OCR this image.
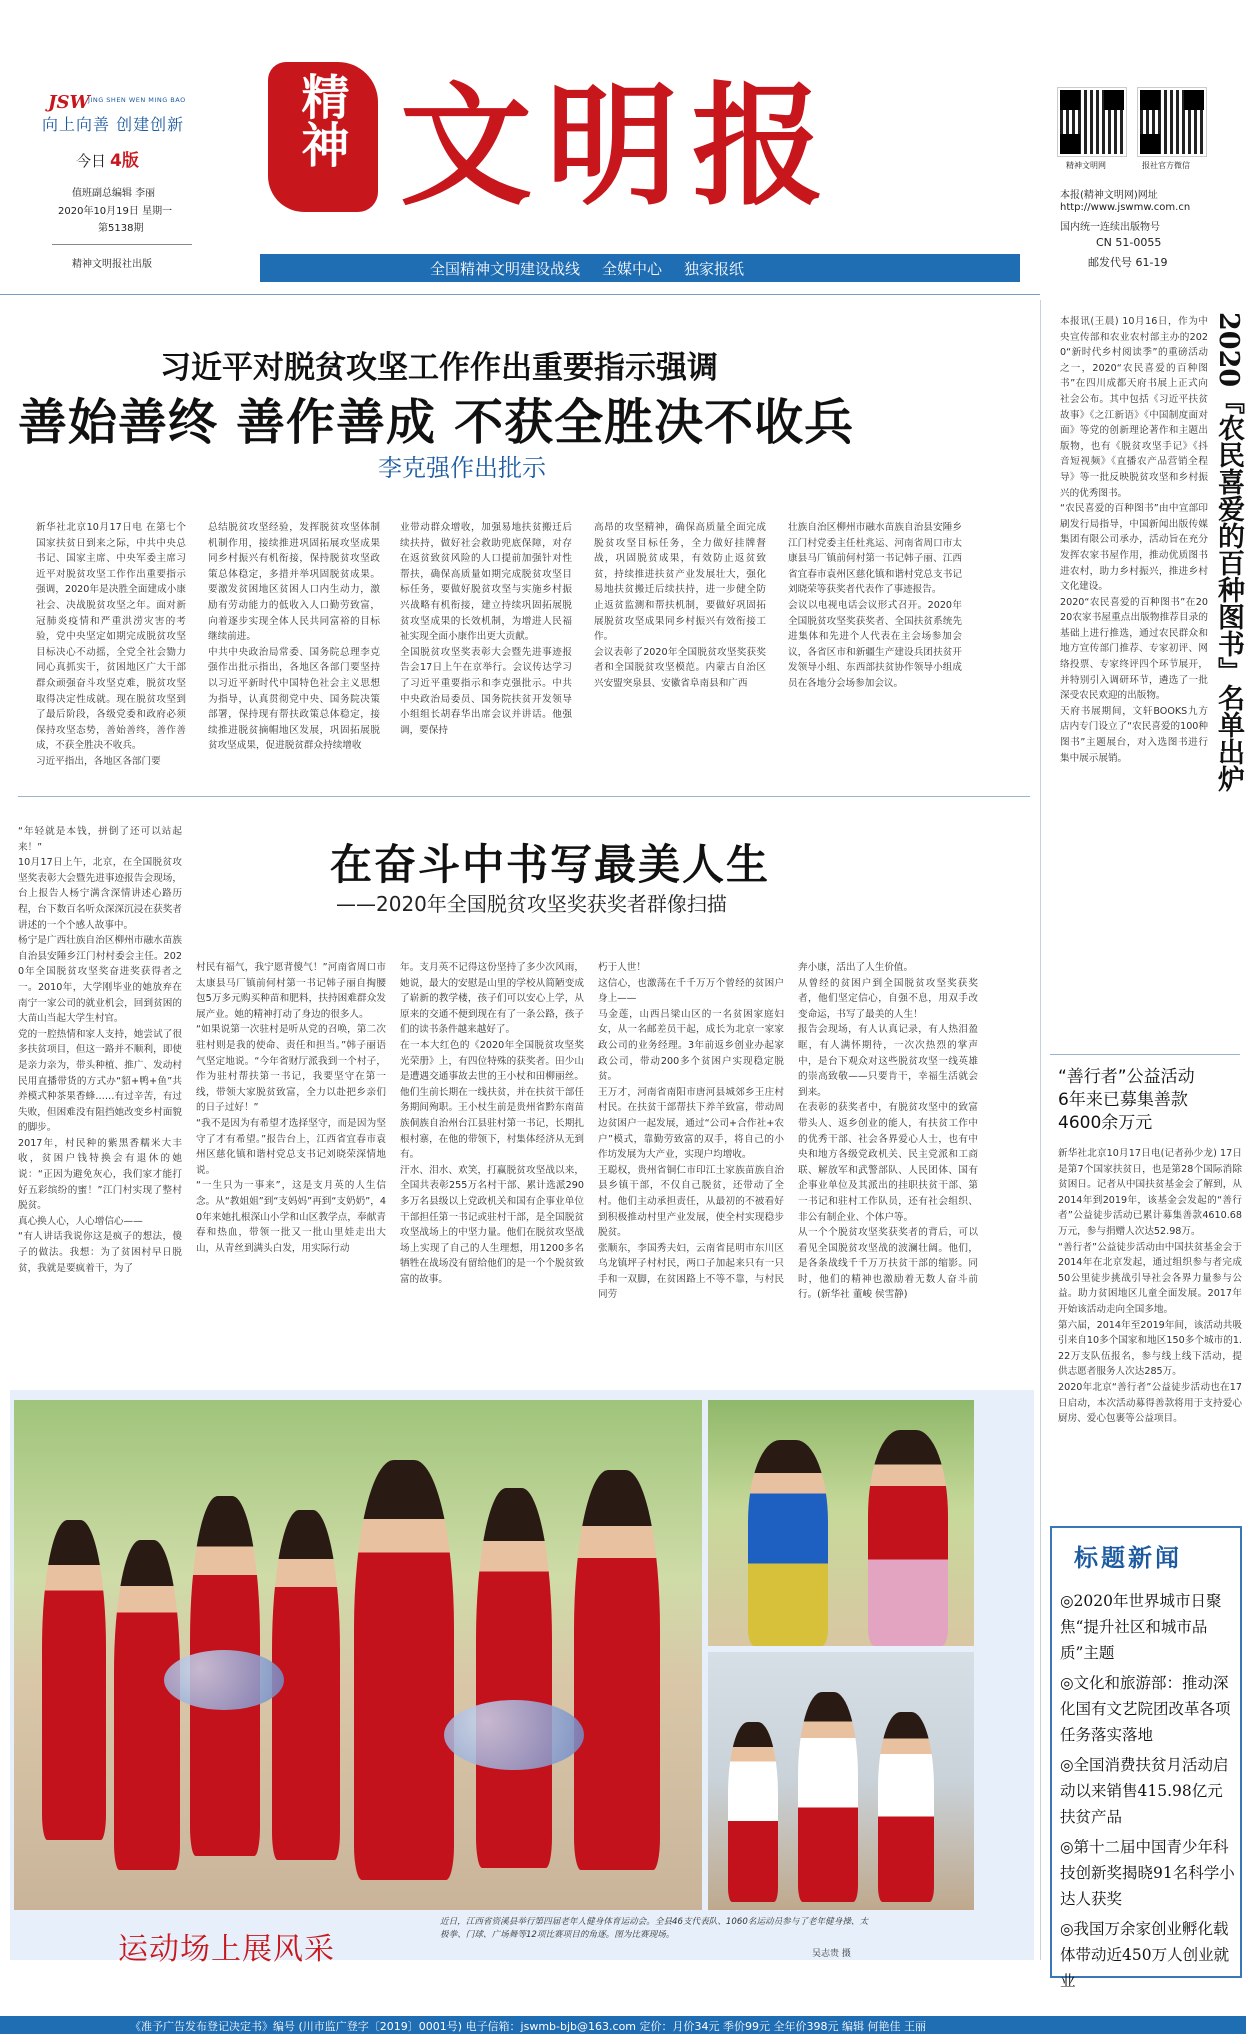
JSW
JING SHEN WEN MING BAO
向上向善 创建创新
今日 4版
值班副总编辑 李丽
2020年10月19日 星期一
第5138期
精神文明报社出版
精神 文明报
全国精神文明建设战线 全媒中心 独家报纸
精神文明网	报社官方微信
本报(精神文明网)网址
http://www.jswmw.com.cn
国内统一连续出版物号
CN 51-0055
邮发代号 61-19
习近平对脱贫攻坚工作作出重要指示强调
善始善终 善作善成 不获全胜决不收兵
李克强作出批示
新华社北京10月17日电 在第七个国家扶贫日到来之际，中共中央总书记、国家主席、中央军委主席习近平对脱贫攻坚工作作出重要指示强调，2020年是决胜全面建成小康社会、决战脱贫攻坚之年。面对新冠肺炎疫情和严重洪涝灾害的考验，党中央坚定如期完成脱贫攻坚目标决心不动摇，全党全社会勠力同心真抓实干，贫困地区广大干部群众顽强奋斗攻坚克难，脱贫攻坚取得决定性成就。现在脱贫攻坚到了最后阶段，各级党委和政府必须保持攻坚态势，善始善终，善作善成，不获全胜决不收兵。
习近平指出，各地区各部门要
总结脱贫攻坚经验，发挥脱贫攻坚体制机制作用，接续推进巩固拓展攻坚成果同乡村振兴有机衔接，保持脱贫攻坚政策总体稳定，多措并举巩固脱贫成果。要激发贫困地区贫困人口内生动力，激励有劳动能力的低收入人口勤劳致富，向着逐步实现全体人民共同富裕的目标继续前进。
中共中央政治局常委、国务院总理李克强作出批示指出，各地区各部门要坚持以习近平新时代中国特色社会主义思想为指导，认真贯彻党中央、国务院决策部署，保持现有帮扶政策总体稳定，接续推进脱贫摘帽地区发展，巩固拓展脱贫攻坚成果，促进脱贫群众持续增收
业带动群众增收，加强易地扶贫搬迁后续扶持，做好社会救助兜底保障，对存在返贫致贫风险的人口提前加强针对性帮扶，确保高质量如期完成脱贫攻坚目标任务，要做好脱贫攻坚与实施乡村振兴战略有机衔接，建立持续巩固拓展脱贫攻坚成果的长效机制，为增进人民福祉实现全面小康作出更大贡献。
全国脱贫攻坚奖表彰大会暨先进事迹报告会17日上午在京举行。会议传达学习了习近平重要指示和李克强批示。中共中央政治局委员、国务院扶贫开发领导小组组长胡春华出席会议并讲话。他强调，要保持
高昂的攻坚精神，确保高质量全面完成脱贫攻坚目标任务，全力做好挂牌督战，巩固脱贫成果，有效防止返贫致贫，持续推进扶贫产业发展壮大，强化易地扶贫搬迁后续扶持，进一步健全防止返贫监测和帮扶机制，要做好巩固拓展脱贫攻坚成果同乡村振兴有效衔接工作。
会议表彰了2020年全国脱贫攻坚奖获奖者和全国脱贫攻坚模范。内蒙古自治区兴安盟突泉县、安徽省阜南县和广西
壮族自治区柳州市融水苗族自治县安陲乡江门村党委主任杜兆运、河南省周口市太康县马厂镇前何村第一书记韩子丽、江西省宜春市袁州区慈化镇和谐村党总支书记刘晓荣等获奖者代表作了事迹报告。
会议以电视电话会议形式召开。2020年全国脱贫攻坚奖获奖者、全国扶贫系统先进集体和先进个人代表在主会场参加会议，各省区市和新疆生产建设兵团扶贫开发领导小组、东西部扶贫协作领导小组成员在各地分会场参加会议。
本报讯(王晨) 10月16日，作为中央宣传部和农业农村部主办的2020“新时代乡村阅读季”的重磅活动之一，2020“农民喜爱的百种图书”在四川成都天府书展上正式向社会公布。其中包括《习近平扶贫故事》《之江新语》《中国制度面对面》等党的创新理论著作和主题出版物，也有《脱贫攻坚手记》《抖音短视频》《直播农产品营销全程导》等一批反映脱贫攻坚和乡村振兴的优秀图书。
“农民喜爱的百种图书”由中宣部印刷发行局指导，中国新闻出版传媒集团有限公司承办，活动旨在充分发挥农家书屋作用，推动优质图书进农村，助力乡村振兴，推进乡村文化建设。
2020“农民喜爱的百种图书”在2020农家书屋重点出版物推荐目录的基础上进行推选，通过农民群众和地方宣传部门推荐、专家初评、网络投票、专家终评四个环节展开，并特别引入调研环节，遴选了一批深受农民欢迎的出版物。
天府书展期间，文轩BOOKS九方店内专门设立了“农民喜爱的100种图书”主题展台，对入选图书进行集中展示展销。	2020『农民喜爱的百种图书』名单出炉
“善行者”公益活动
6年来已募集善款
4600余万元
新华社北京10月17日电(记者孙少龙) 17日是第7个国家扶贫日，也是第28个国际消除贫困日。记者从中国扶贫基金会了解到，从2014年到2019年，该基金会发起的“善行者”公益徒步活动已累计募集善款4610.68万元，参与捐赠人次达52.98万。
“善行者”公益徒步活动由中国扶贫基金会于2014年在北京发起，通过组织参与者完成50公里徒步挑战引导社会各界力量参与公益。助力贫困地区儿童全面发展。2017年开始该活动走向全国多地。
第六届，2014年至2019年间，该活动共吸引来自10多个国家和地区150多个城市的1.22万支队伍报名，参与线上线下活动，提供志愿者服务人次达285万。
2020年北京“善行者”公益徒步活动也在17日启动，本次活动募得善款将用于支持爱心厨房、爱心包裹等公益项目。
标题新闻
◎2020年世界城市日聚焦“提升社区和城市品质”主题
◎文化和旅游部：推动深化国有文艺院团改革各项任务落实落地
◎全国消费扶贫月活动启动以来销售415.98亿元扶贫产品
◎第十二届中国青少年科技创新奖揭晓91名科学小达人获奖
◎我国万余家创业孵化载体带动近450万人创业就业
“年轻就是本钱，拼倒了还可以站起来！”
10月17日上午，北京，在全国脱贫攻坚奖表彰大会暨先进事迹报告会现场，台上报告人杨宁满含深情讲述心路历程，台下数百名听众深深沉浸在获奖者讲述的一个个感人故事中。
杨宁是广西壮族自治区柳州市融水苗族自治县安陲乡江门村村委会主任。2020年全国脱贫攻坚奖奋进奖获得者之一。2010年，大学刚毕业的她放弃在南宁一家公司的就业机会，回到贫困的大苗山当起大学生村官。
党的一腔热情和家人支持，她尝试了很多扶贫项目，但这一路并不顺利，即使是亲力亲为，带头种植、推广、发动村民用直播带货的方式办“貂+鸭+鱼”共养模式种茶果香蜂……有过辛苦，有过失败，但困难没有阻挡她改变乡村面貌的脚步。
2017年，村民种的紫黑香糯米大丰收，贫困户钱特换会有退休的她说：“正因为避免灰心，我们家才能打好五彩缤纷的蜜！”江门村实现了整村脱贫。
真心换人心，人心增信心——
“有人讲话我说你这是疯子的想法，傻子的做法。我想：为了贫困村早日脱贫，我就是要疯着干，为了
在奋斗中书写最美人生
——2020年全国脱贫攻坚奖获奖者群像扫描
村民有福气，我宁愿背傻气！”河南省周口市太康县马厂镇前何村第一书记韩子丽自掏腰包5万多元购买种苗和肥料，扶持困难群众发展产业。她的精神打动了身边的很多人。
“如果说第一次驻村是听从党的召唤，第二次驻村则是我的使命、责任和担当。”韩子丽语气坚定地说。“今年省财厅派我到一个村子，作为驻村帮扶第一书记，我要坚守在第一线，带领大家脱贫致富，全力以赴把乡亲们的日子过好！”
“我不是因为有希望才选择坚守，而是因为坚守了才有希望。”报告台上，江西省宜春市袁州区慈化镇和谐村党总支书记刘晓荣深情地说。
“一生只为一事来”，这是支月英的人生信念。从“教姐姐”到“支妈妈”再到“支奶奶”，40年来她扎根深山小学和山区教学点，奉献青春和热血，带领一批又一批山里娃走出大山，从青丝到满头白发，用实际行动
年。支月英不记得这份坚持了多少次风雨，她说，最大的安慰是山里的学校从简陋变成了崭新的教学楼，孩子们可以安心上学，从原来的交通不便到现在有了一条公路，孩子们的读书条件越来越好了。
在一本大红色的《2020年全国脱贫攻坚奖光荣册》上，有四位特殊的获奖者。田少山是遭遇交通事故去世的王小杖和田柳丽丝。他们生前长期在一线扶贫，并在扶贫干部任务期间殉职。王小杖生前是贵州省黔东南苗族侗族自治州台江县驻村第一书记，长期扎根村寨，在他的带领下，村集体经济从无到有。
汗水、泪水、欢笑，打赢脱贫攻坚战以来，全国共表彰255万名村干部、累计选派290多万名县级以上党政机关和国有企事业单位干部担任第一书记或驻村干部，是全国脱贫攻坚战场上的中坚力量。他们在脱贫攻坚战场上实现了自己的人生理想，用1200多名牺牲在战场没有留给他们的是一个个脱贫致富的故事。
朽于人世！
这信心，也激荡在千千万万个曾经的贫困户身上——
马金莲，山西吕梁山区的一名贫困家庭妇女，从一名邮差员干起，成长为北京一家家政公司的业务经理。3年前返乡创业办起家政公司，带动200多个贫困户实现稳定脱贫。
王万才，河南省南阳市唐河县城郊乡王庄村村民。在扶贫干部帮扶下养羊致富，带动周边贫困户一起发展，通过“公司+合作社+农户”模式，靠勤劳致富的双手，将自己的小作坊发展为大产业，实现户均增收。
王聪权，贵州省铜仁市印江土家族苗族自治县乡镇干部，不仅自己脱贫，还带动了全村。他们主动承担责任，从最初的不被看好到积极推动村里产业发展，使全村实现稳步脱贫。
张顺东，李国秀夫妇，云南省昆明市东川区乌龙镇坪子村村民，两口子加起来只有一只手和一双脚，在贫困路上不等不靠，与村民同劳
奔小康，活出了人生价值。
从曾经的贫困户到全国脱贫攻坚奖获奖者，他们坚定信心，自强不息，用双手改变命运，书写了最美的人生！
报告会现场，有人认真记录，有人热泪盈眶，有人满怀期待，一次次热烈的掌声中，是台下观众对这些脱贫攻坚一线英雄的崇高致敬——只要肯干，幸福生活就会到来。
在表彰的获奖者中，有脱贫攻坚中的致富带头人、返乡创业的能人，有扶贫工作中的优秀干部、社会各界爱心人士，也有中央和地方各级党政机关、民主党派和工商联、解放军和武警部队、人民团体、国有企事业单位及其派出的挂职扶贫干部、第一书记和驻村工作队员，还有社会组织、非公有制企业、个体户等。
从一个个脱贫攻坚奖获奖者的背后，可以看见全国脱贫攻坚战的波澜壮阔。他们，是各条战线千千万万扶贫干部的缩影。同时，他们的精神也激励着无数人奋斗前行。(新华社 董峻 侯雪静)
运动场上展风采
近日，江西省资溪县举行第四届老年人健身体育运动会。全县46支代表队、1060名运动员参与了老年健身操、太极拳、门球、广场舞等12项比赛项目的角逐。图为比赛现场。
吴志贵 摄
《准予广告发布登记决定书》编号 (川市监广登字〔2019〕0001号) 电子信箱：jswmb-bjb@163.com 定价：月价34元 季价99元 全年价398元 编辑 何艳佳 王丽
